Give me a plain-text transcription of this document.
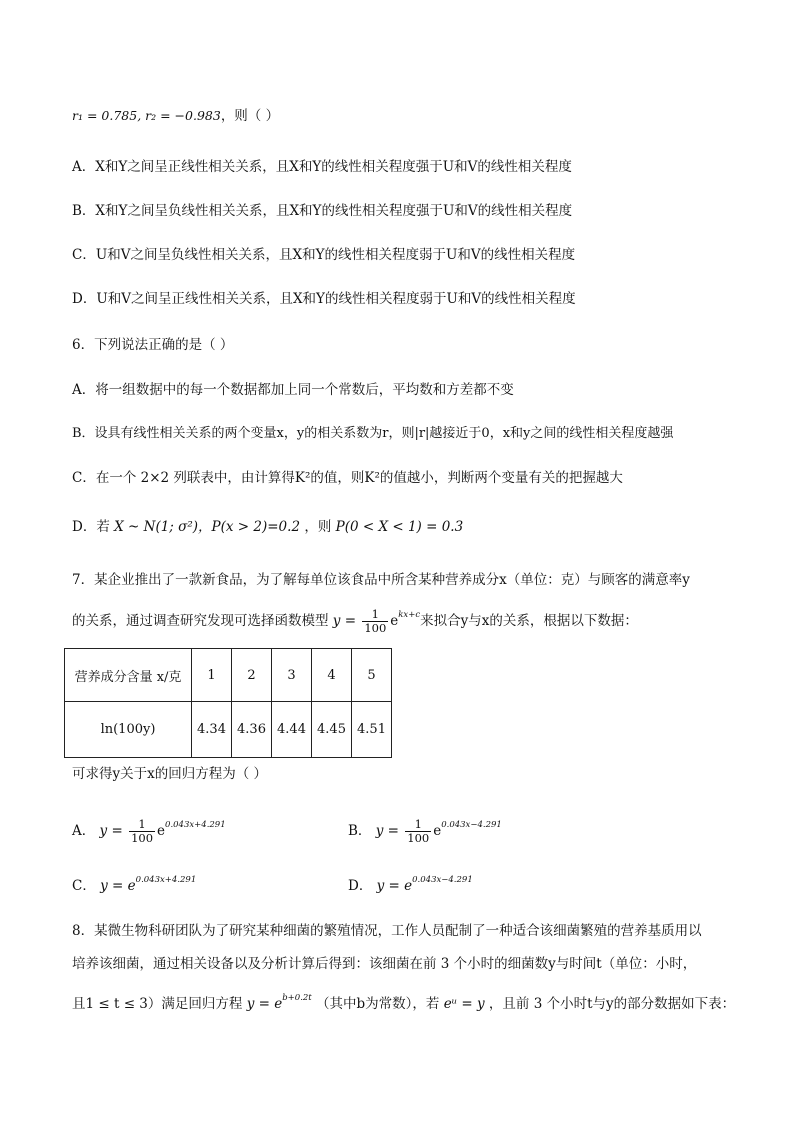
r₁ = 0.785, r₂ = −0.983，则（ ）
A．X和Y之间呈正线性相关关系，且X和Y的线性相关程度强于U和V的线性相关程度
B．X和Y之间呈负线性相关关系，且X和Y的线性相关程度强于U和V的线性相关程度
C．U和V之间呈负线性相关关系，且X和Y的线性相关程度弱于U和V的线性相关程度
D．U和V之间呈正线性相关关系，且X和Y的线性相关程度弱于U和V的线性相关程度
6．下列说法正确的是（ ）
A．将一组数据中的每一个数据都加上同一个常数后，平均数和方差都不变
B．设具有线性相关关系的两个变量x，y的相关系数为r，则|r|越接近于0，x和y之间的线性相关程度越强
C．在一个 2×2 列联表中，由计算得K²的值，则K²的值越小，判断两个变量有关的把握越大
D．若 X ~ N(1; σ²)，P(x > 2)=0.2 ，则 P(0 < X < 1) = 0.3
7．某企业推出了一款新食品，为了解每单位该食品中所含某种营养成分x（单位：克）与顾客的满意率y
的关系，通过调查研究发现可选择函数模型 $y = \frac{1}{100} e^{kx+c}$来拟合y与x的关系，根据以下数据：
营养成分含量 x/克	1	2	3	4	5
ln(100y)	4.34	4.36	4.44	4.45	4.51
可求得y关于x的回归方程为（ ）
A． $y = \frac{1}{100} e^{0.043x+4.291}$	B． $y = \frac{1}{100} e^{0.043x-4.291}$
C． $y = e^{0.043x+4.291}$	D． $y = e^{0.043x-4.291}$
8．某微生物科研团队为了研究某种细菌的繁殖情况，工作人员配制了一种适合该细菌繁殖的营养基质用以
培养该细菌，通过相关设备以及分析计算后得到：该细菌在前 3 个小时的细菌数y与时间t（单位：小时，
且1 ≤ t ≤ 3）满足回归方程 $y = e^{b+0.2t}$ （其中b为常数），若 eᵘ = y ，且前 3 个小时t与y的部分数据如下表：
